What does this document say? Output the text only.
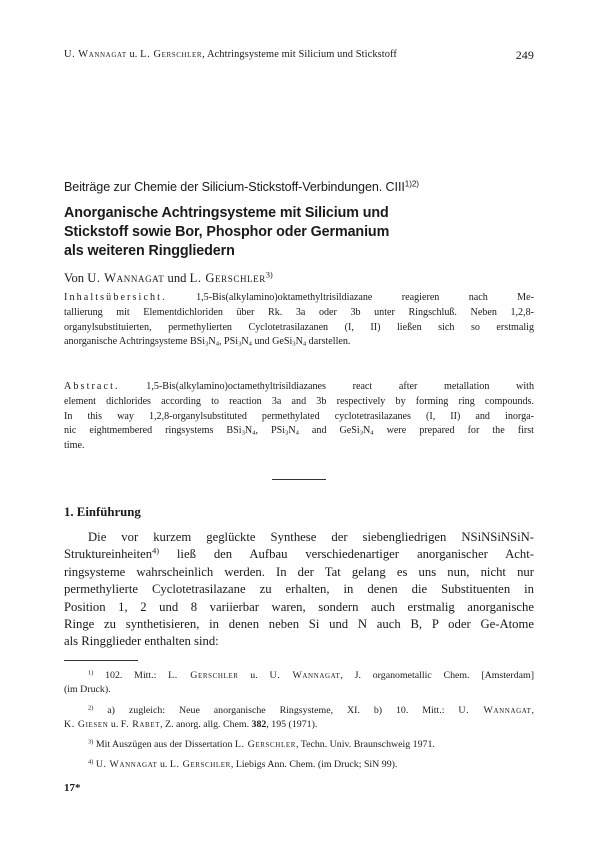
U. Wannagat u. L. Gerschler, Achtringsysteme mit Silicium und Stickstoff	249
Beiträge zur Chemie der Silicium-Stickstoff-Verbindungen. $CIII^{1)2)}$
Anorganische Achtringsysteme mit Silicium und
Stickstoff sowie Bor, Phosphor oder Germanium
als weiteren Ringgliedern
Von U. Wannagat und L. Gerschler$^{3)}$
Inhaltsübersicht. 1,5-Bis(alkylamino)oktamethyltrisildiazane reagieren nach Me-
tallierung mit Elementdichloriden über Rk. 3a oder 3b unter Ringschluß. Neben 1,2,8-
organylsubstituierten, permethylierten Cyclotetrasilazanen (I, II) ließen sich so erstmalig
anorganische Achtringsysteme $BSi_3N_4$, $PSi_3N_4$ und $GeSi_3N_4$ darstellen.
Abstract. 1,5-Bis(alkylamino)octamethyltrisildiazanes react after metallation with
element dichlorides according to reaction 3a and 3b respectively by forming ring compounds.
In this way 1,2,8-organylsubstituted permethylated cyclotetrasilazanes (I, II) and inorga-
nic eightmembered ringsystems $BSi_3N_4$, $PSi_3N_4$ and $GeSi_3N_4$ were prepared for the first
time.
1. Einführung
Die vor kurzem geglückte Synthese der siebengliedrigen NSiNSiNSiN-
Struktureinheiten$^{4)}$ ließ den Aufbau verschiedenartiger anorganischer Acht-
ringsysteme wahrscheinlich werden. In der Tat gelang es uns nun, nicht nur
permethylierte Cyclotetrasilazane zu erhalten, in denen die Substituenten in
Position 1, 2 und 8 variierbar waren, sondern auch erstmalig anorganische
Ringe zu synthetisieren, in denen neben Si und N auch B, P oder Ge-Atome
als Ringglieder enthalten sind:
$^{1)}$ 102. Mitt.: L. Gerschler u. U. Wannagat, J. organometallic Chem. [Amsterdam]
(im Druck).
$^{2)}$ a) zugleich: Neue anorganische Ringsysteme, XI. b) 10. Mitt.: U. Wannagat,
K. Giesen u. F. Rabet, Z. anorg. allg. Chem. 382, 195 (1971).
$^{3)}$ Mit Auszügen aus der Dissertation L. Gerschler, Techn. Univ. Braunschweig 1971.
$^{4)}$ U. Wannagat u. L. Gerschler, Liebigs Ann. Chem. (im Druck; SiN 99).
17*
